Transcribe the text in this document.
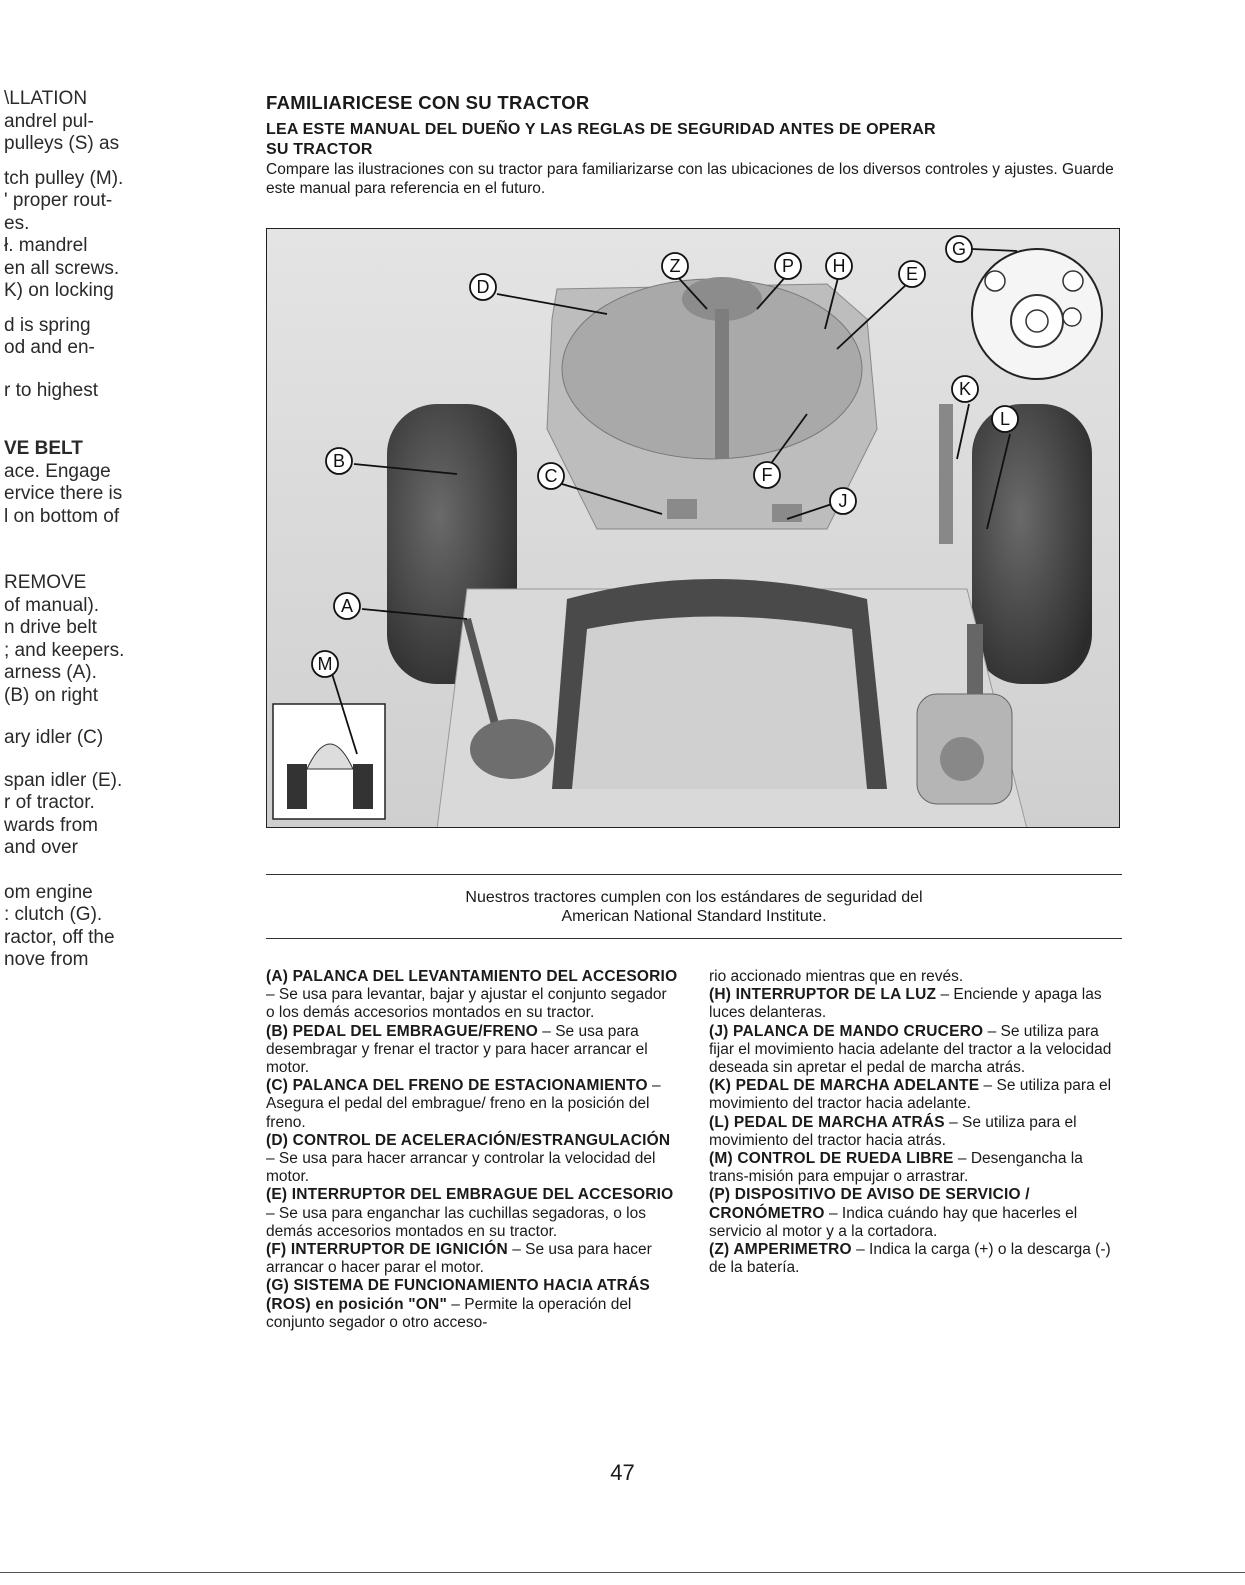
\LLATION
andrel pul-
pulleys (S) as
tch pulley (M).
' proper rout-
es.
ł. mandrel
en all screws.
K) on locking
d is spring
od and en-
r to highest
VE BELT
ace. Engage
ervice there is
l on bottom of
REMOVE
of manual).
n drive belt
; and keepers.
arness (A).
(B) on right
ary idler (C)
span idler (E).
r of tractor.
wards from
and over
om engine
: clutch (G).
ractor, off the
nove from

FAMILIARICESE CON SU TRACTOR

LEA ESTE MANUAL DEL DUEÑO Y LAS REGLAS DE SEGURIDAD ANTES DE OPERAR

SU TRACTOR

Compare las ilustraciones con su tractor para familiarizarse con las ubicaciones de los diversos controles y ajustes. Guarde este manual para referencia en el futuro.

Z	P H	E
G
D
K
L
B
C	F
J
A
M
Nuestros tractores cumplen con los estándares de seguridad del
American National Standard Institute.

(A) PALANCA DEL LEVANTAMIENTO DEL ACCESORIO – Se usa para levantar, bajar y ajustar el conjunto segador o los demás accesorios montados en su tractor.

(B) PEDAL DEL EMBRAGUE/FRENO – Se usa para desembragar y frenar el tractor y para hacer arrancar el motor.

(C) PALANCA DEL FRENO DE ESTACIONAMIENTO – Asegura el pedal del embrague/ freno en la posición del freno.

(D) CONTROL DE ACELERACIÓN/ESTRANGULACIÓN – Se usa para hacer arrancar y controlar la velocidad del motor.

(E) INTERRUPTOR DEL EMBRAGUE DEL ACCESORIO – Se usa para enganchar las cuchillas segadoras, o los demás accesorios montados en su tractor.

(F) INTERRUPTOR DE IGNICIÓN – Se usa para hacer arrancar o hacer parar el motor.

(G) SISTEMA DE FUNCIONAMIENTO HACIA ATRÁS (ROS) en posición "ON" – Permite la operación del conjunto segador o otro acceso-

rio accionado mientras que en revés.

(H) INTERRUPTOR DE LA LUZ – Enciende y apaga las luces delanteras.

(J) PALANCA DE MANDO CRUCERO – Se utiliza para fijar el movimiento hacia adelante del tractor a la velocidad deseada sin apretar el pedal de marcha atrás.

(K) PEDAL DE MARCHA ADELANTE – Se utiliza para el movimiento del tractor hacia adelante.

(L) PEDAL DE MARCHA ATRÁS – Se utiliza para el movimiento del tractor hacia atrás.

(M) CONTROL DE RUEDA LIBRE – Desengancha la trans-misión para empujar o arrastrar.

(P) DISPOSITIVO DE AVISO DE SERVICIO / CRONÓMETRO – Indica cuándo hay que hacerles el servicio al motor y a la cortadora.

(Z) AMPERIMETRO – Indica la carga (+) o la descarga (-) de la batería.

47
